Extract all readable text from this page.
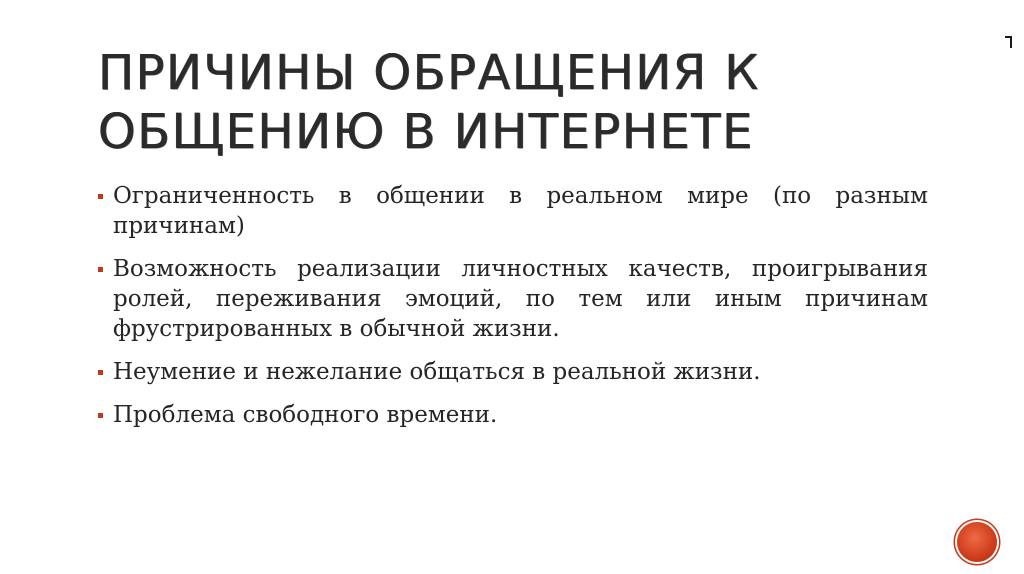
ПРИЧИНЫ ОБРАЩЕНИЯ К
ОБЩЕНИЮ В ИНТЕРНЕТЕ
Ограниченность в общении в реальном мире (по разным причинам)
Возможность реализации личностных качеств, проигрывания ролей, переживания эмоций, по тем или иным причинам фрустрированных в обычной жизни.
Неумение и нежелание общаться в реальной жизни.
Проблема свободного времени.
